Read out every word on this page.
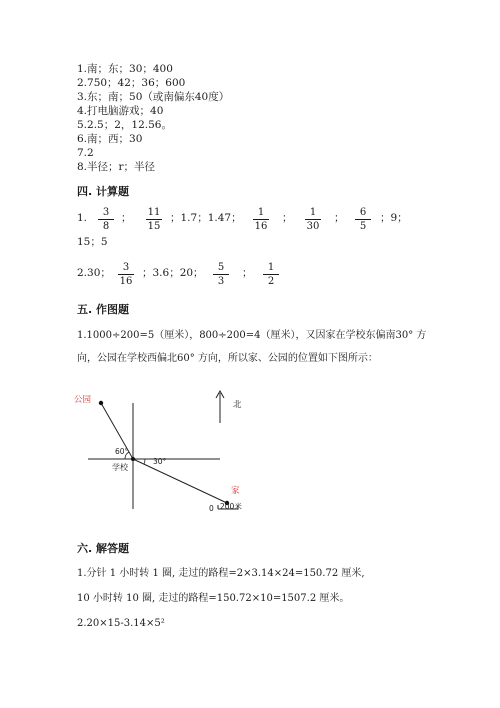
1.南；东；30；400
2.750；42；36；600
3.东；南；50（或南偏东40度）
4.打电脑游戏；40
5.2.5；2，12.56。
6.南；西；30
7.2
8.半径；r；半径
四. 计算题
1.	3
8
；	11
15
；1.7；1.47；	1
16
；	1
30
；	6
5
；9；
15；5
2.30；	3
16
；3.6；20；	5
3
；	1
2
五. 作图题
1.1000÷200=5（厘米），800÷200=4（厘米），又因家在学校东偏南30° 方
向，公园在学校西偏北60° 方向，所以家、公园的位置如下图所示：
公园
家
学校
北
60°
30°
0 200米
六. 解答题
1.分针 1 小时转 1 圈, 走过的路程=2×3.14×24=150.72 厘米,
10 小时转 10 圈, 走过的路程=150.72×10=1507.2 厘米。
2.20×15-3.14×5²
